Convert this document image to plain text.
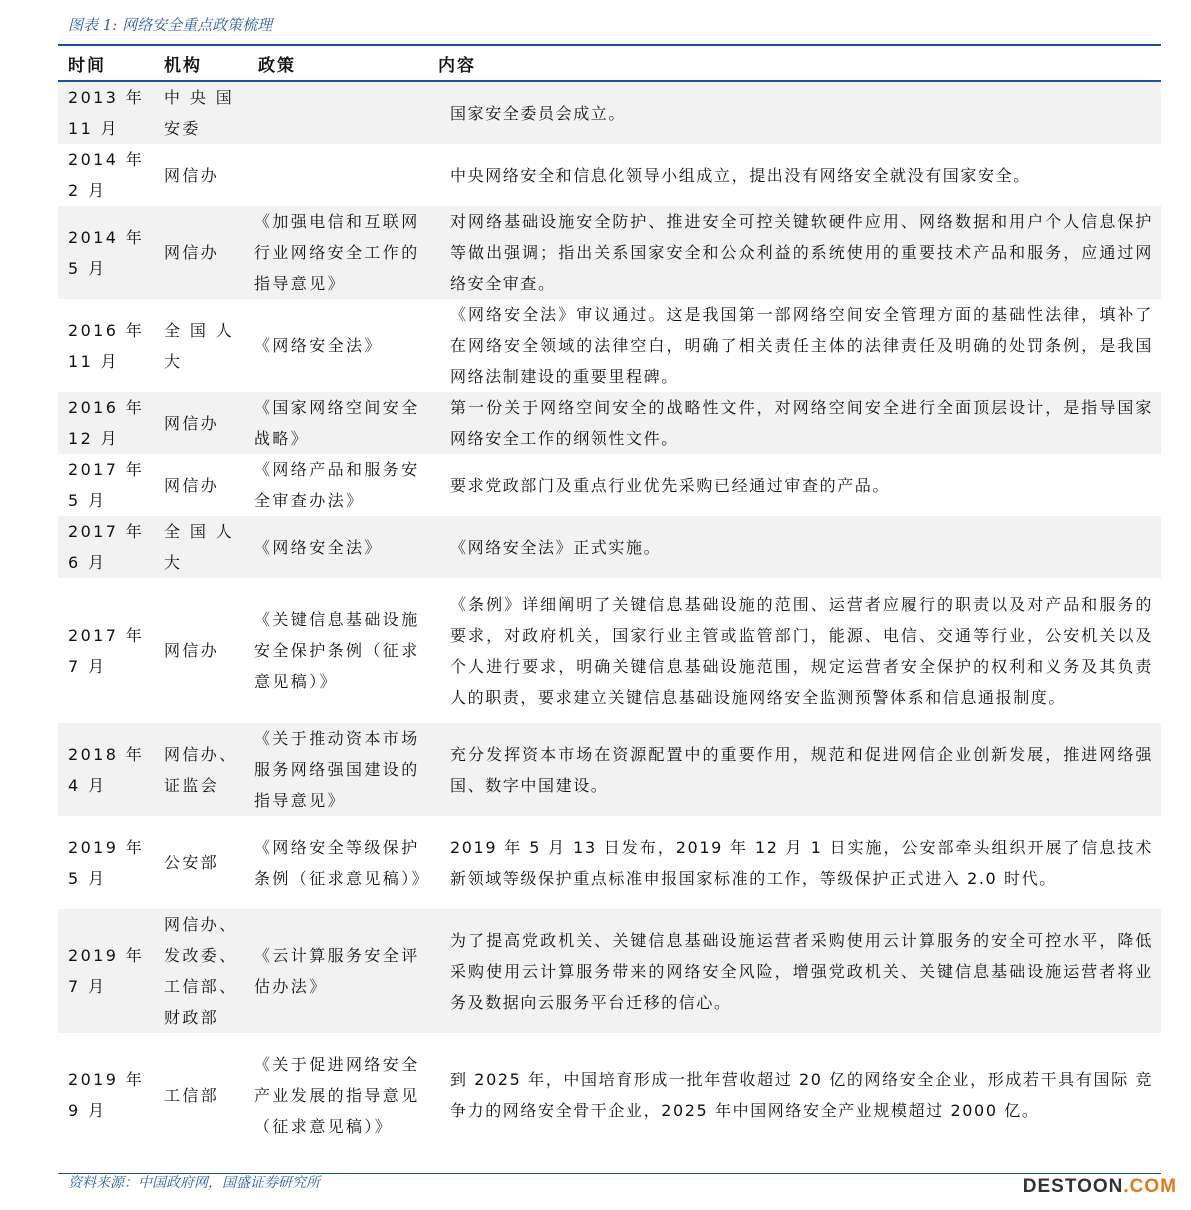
图表 1: 网络安全重点政策梳理
时间	机构	政策	内容

2013 年
11 月	中 央 国 安委		国家安全委员会成立。

2014 年
2 月	网信办		中央网络安全和信息化领导小组成立，提出没有网络安全就没有国家安全。

2014 年
5 月	网信办	《加强电信和互联网行业网络安全工作的指导意见》	对网络基础设施安全防护、推进安全可控关键软硬件应用、网络数据和用户个人信息保护等做出强调；指出关系国家安全和公众利益的系统使用的重要技术产品和服务，应通过网络安全审查。

2016 年
11 月	全 国 人 大	《网络安全法》	《网络安全法》审议通过。这是我国第一部网络空间安全管理方面的基础性法律，填补了在网络安全领域的法律空白，明确了相关责任主体的法律责任及明确的处罚条例，是我国网络法制建设的重要里程碑。

2016 年
12 月	网信办	《国家网络空间安全战略》	第一份关于网络空间安全的战略性文件，对网络空间安全进行全面顶层设计，是指导国家网络安全工作的纲领性文件。

2017 年
5 月	网信办	《网络产品和服务安全审查办法》	要求党政部门及重点行业优先采购已经通过审查的产品。

2017 年
6 月	全 国 人 大	《网络安全法》	《网络安全法》正式实施。

2017 年
7 月	网信办	《关键信息基础设施安全保护条例（征求意见稿）》	《条例》详细阐明了关键信息基础设施的范围、运营者应履行的职责以及对产品和服务的要求，对政府机关，国家行业主管或监管部门，能源、电信、交通等行业，公安机关以及个人进行要求，明确关键信息基础设施范围，规定运营者安全保护的权利和义务及其负责人的职责，要求建立关键信息基础设施网络安全监测预警体系和信息通报制度。

2018 年
4 月	网信办、证监会	《关于推动资本市场服务网络强国建设的指导意见》	充分发挥资本市场在资源配置中的重要作用，规范和促进网信企业创新发展，推进网络强国、数字中国建设。

2019 年
5 月	公安部	《网络安全等级保护条例（征求意见稿）》	2019 年 5 月 13 日发布，2019 年 12 月 1 日实施，公安部牵头组织开展了信息技术新领域等级保护重点标准申报国家标准的工作，等级保护正式进入 2.0 时代。

2019 年
7 月	网信办、发改委、工信部、财政部	《云计算服务安全评估办法》	为了提高党政机关、关键信息基础设施运营者采购使用云计算服务的安全可控水平，降低采购使用云计算服务带来的网络安全风险，增强党政机关、关键信息基础设施运营者将业务及数据向云服务平台迁移的信心。

2019 年
9 月	工信部	《关于促进网络安全产业发展的指导意见（征求意见稿）》	到 2025 年，中国培育形成一批年营收超过 20 亿的网络安全企业，形成若干具有国际 竞争力的网络安全骨干企业，2025 年中国网络安全产业规模超过 2000 亿。
资料来源：中国政府网，国盛证券研究所	DESTOON.COM
